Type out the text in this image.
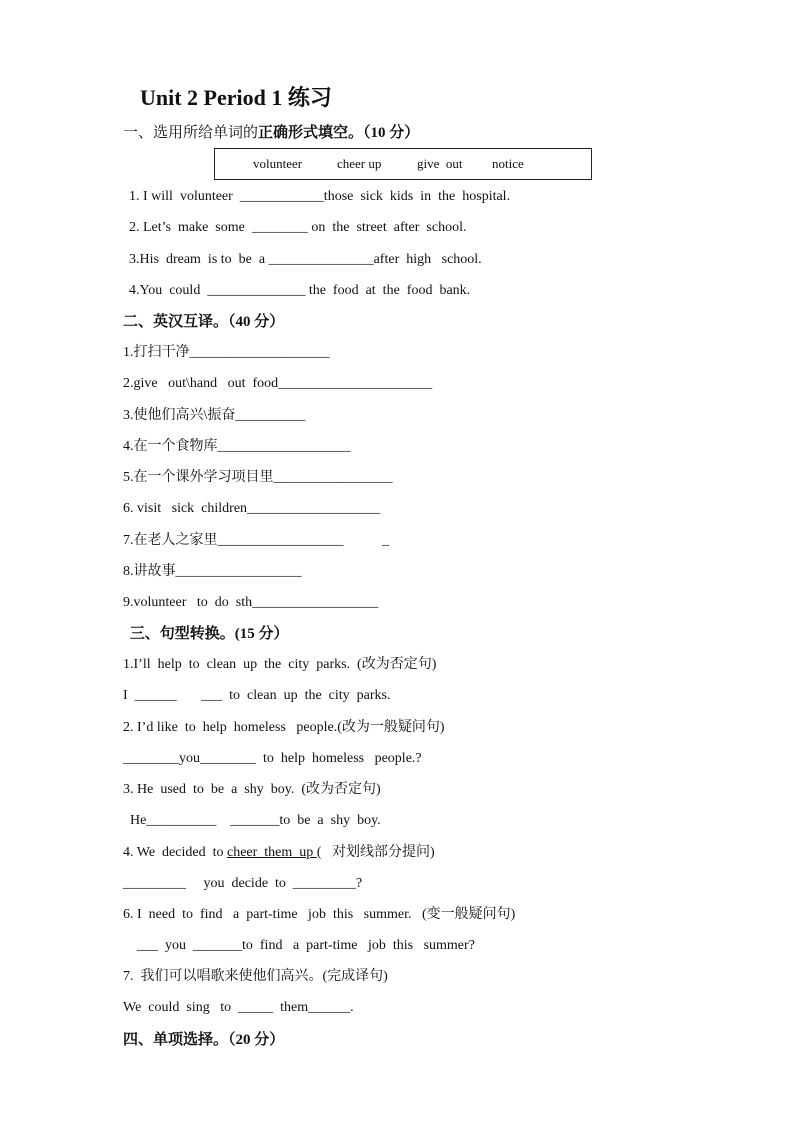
Unit 2 Period 1 练习
一、选用所给单词的正确形式填空。（10 分）
volunteer	cheer up	give  out notice
1. I will  volunteer  ____________those  sick  kids  in  the  hospital.
2. Let’s  make  some  ________ on  the  street  after  school.
3.His  dream  is to  be  a _______________after  high   school.
4.You  could  ______________ the  food  at  the  food  bank.
二、英汉互译。（40 分）
1.打扫干净____________________
2.give   out\hand   out  food______________________
3.使他们高兴\振奋__________
4.在一个食物库___________________
5.在一个课外学习项目里_________________
6. visit   sick  children___________________
7.在老人之家里__________________           _
8.讲故事__________________
9.volunteer   to  do  sth__________________
三、句型转换。(15 分）
1.I’ll  help  to  clean  up  the  city  parks.  (改为否定句)
I  ______       ___  to  clean  up  the  city  parks.
2. I’d like  to  help  homeless   people.(改为一般疑问句)
________you________  to  help  homeless   people.?
3. He  used  to  be  a  shy  boy.  (改为否定句)
He__________    _______to  be  a  shy  boy.
4. We  decided  to cheer  them  up (   对划线部分提问)
_________     you  decide  to  _________?
6. I  need  to  find   a  part-time   job  this   summer.   (变一般疑问句)
___  you  _______to  find   a  part-time   job  this   summer?
7.  我们可以唱歌来使他们高兴。(完成译句)
We  could  sing   to  _____  them______.
四、单项选择。（20 分）
